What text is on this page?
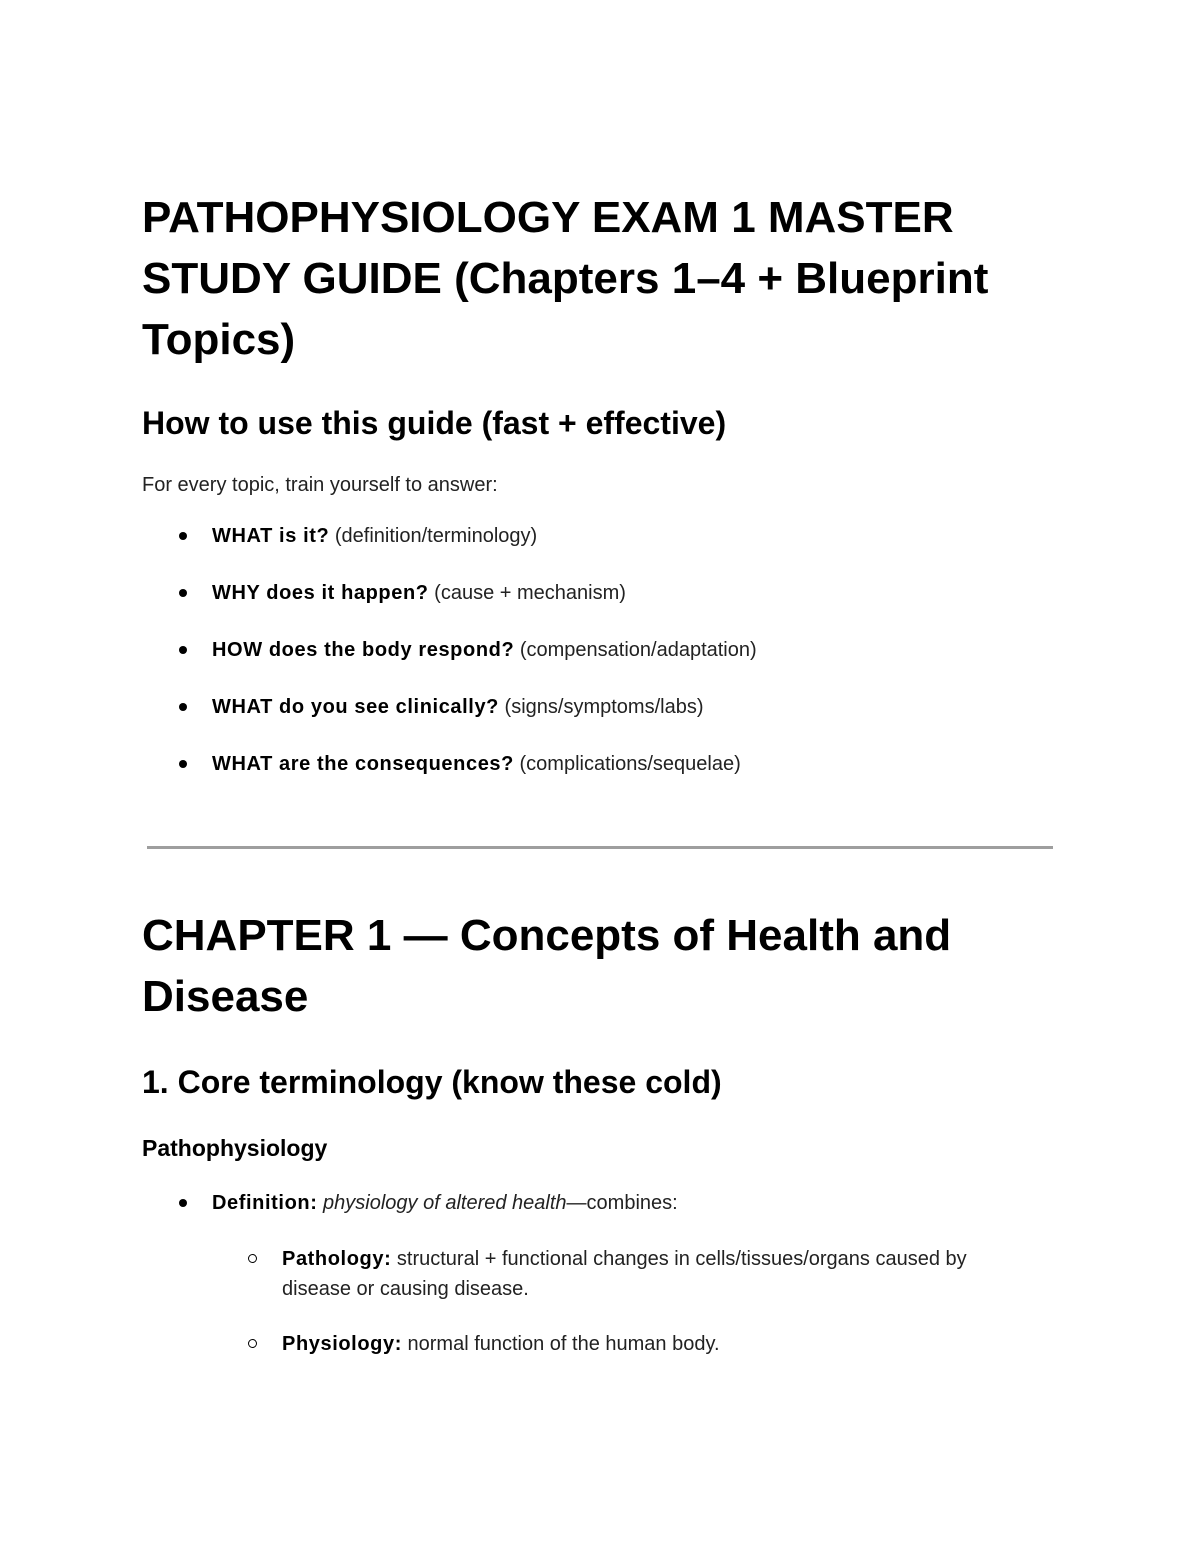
PATHOPHYSIOLOGY EXAM 1 MASTER STUDY GUIDE (Chapters 1–4 + Blueprint Topics)
How to use this guide (fast + effective)

For every topic, train yourself to answer:

WHAT is it? (definition/terminology)
WHY does it happen? (cause + mechanism)
HOW does the body respond? (compensation/adaptation)
WHAT do you see clinically? (signs/symptoms/labs)
WHAT are the consequences? (complications/sequelae)
CHAPTER 1 — Concepts of Health and Disease
1. Core terminology (know these cold)
Pathophysiology
Definition: physiology of altered health—combines:
Pathology: structural + functional changes in cells/tissues/organs caused by disease or causing disease.
Physiology: normal function of the human body.
